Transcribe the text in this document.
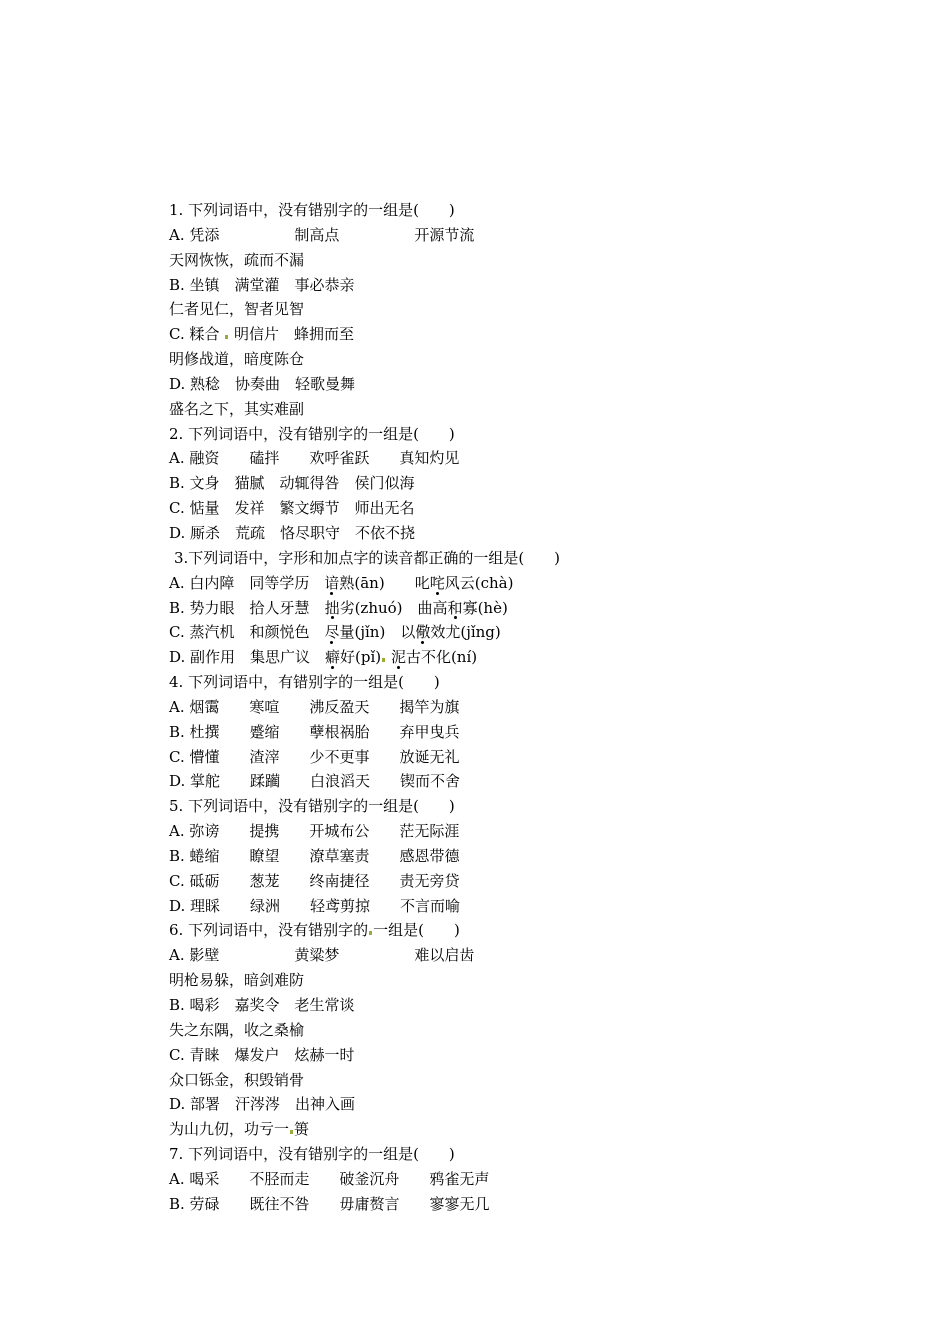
1. 下列词语中，没有错别字的一组是(　　)
A. 凭添　　　　　制高点　　　　　开源节流
天网恢恢，疏而不漏
B. 坐镇　满堂灌　事必恭亲
仁者见仁，智者见智
C. 糅合  明信片　蜂拥而至
明修战道，暗度陈仓
D. 熟稔　协奏曲　轻歌曼舞
盛名之下，其实难副
2. 下列词语中，没有错别字的一组是(　　)
A. 融资　　磕拌　　欢呼雀跃　　真知灼见
B. 文身　猫腻　动辄得咎　侯门似海
C. 惦量　发祥　繁文缛节　师出无名
D. 厮杀　荒疏　恪尽职守　不依不挠
3.下列词语中，字形和加点字的读音都正确的一组是(　　)
A. 白内障　同等学历　谙熟(ān)　　叱咤风云(chà)
B. 势力眼　拾人牙慧　拙劣(zhuó)　曲高和寡(hè)
C. 蒸汽机　和颜悦色　尽量(jǐn)　以儆效尤(jǐng)
D. 副作用　集思广议　癖好(pǐ) 泥古不化(ní)
4. 下列词语中，有错别字的一组是(　　)
A. 烟霭　　寒喧　　沸反盈天　　揭竿为旗
B. 杜撰　　蹙缩　　孽根祸胎　　弃甲曳兵
C. 懵懂　　渣滓　　少不更事　　放诞无礼
D. 掌舵　　蹂躏　　白浪滔天　　锲而不舍
5. 下列词语中，没有错别字的一组是(　　)
A. 弥谤　　提携　　开城布公　　茫无际涯
B. 蜷缩　　瞭望　　潦草塞责　　感恩带德
C. 砥砺　　葱茏　　终南捷径　　责无旁贷
D. 理睬　　绿洲　　轻鸢剪掠　　不言而喻
6. 下列词语中，没有错别字的 一组是(　　)
A. 影壁　　　　　黄粱梦　　　　　难以启齿
明枪易躲，暗剑难防
B. 喝彩　嘉奖令　老生常谈
失之东隅，收之桑榆
C. 青睐　爆发户　炫赫一时
众口铄金，积毁销骨
D. 部署　汗涔涔　出神入画
为山九仞，功亏一 篑
7. 下列词语中，没有错别字的一组是(　　)
A. 喝采　　不胫而走　　破釜沉舟　　鸦雀无声
B. 劳碌　　既往不咎　　毋庸赘言　　寥寥无几
